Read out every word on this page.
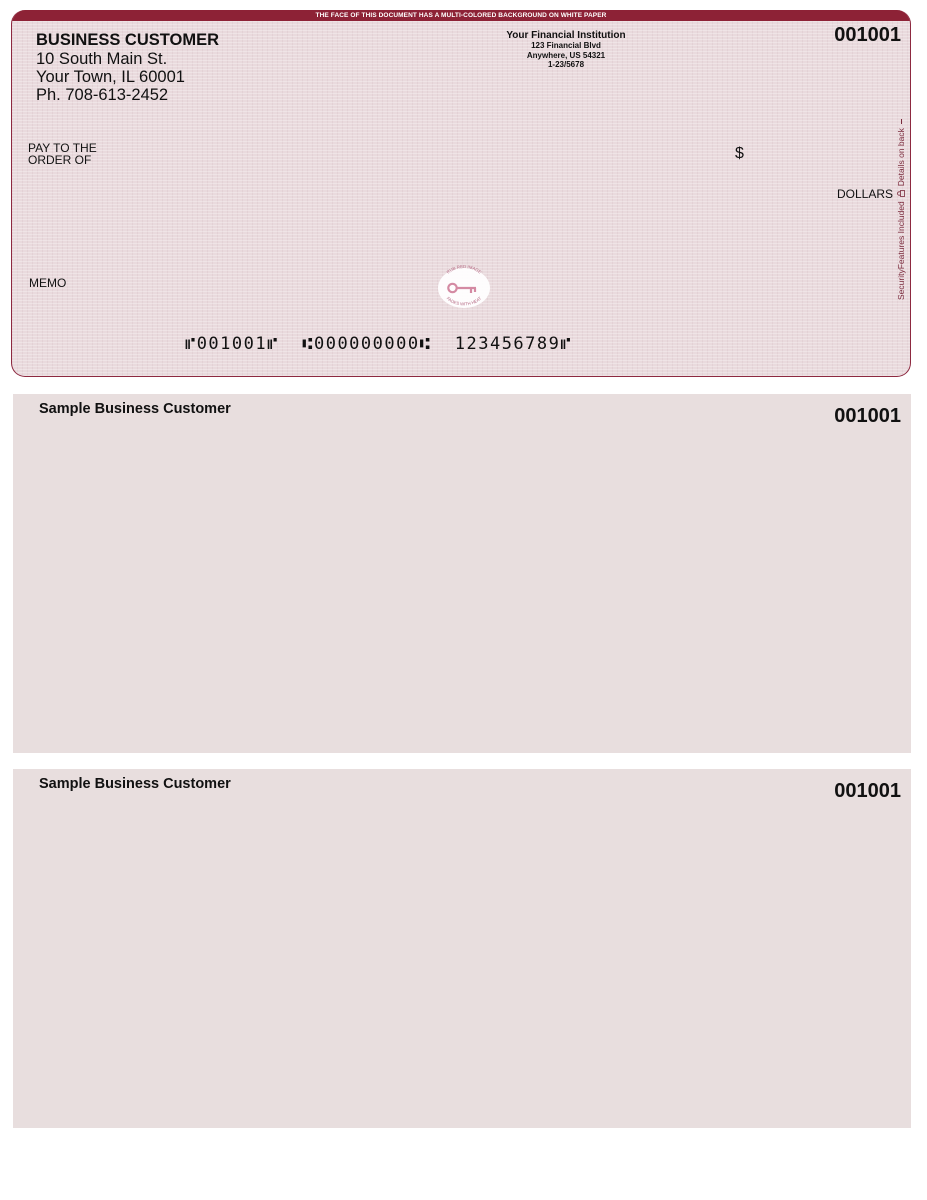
THE FACE OF THIS DOCUMENT HAS A MULTI-COLORED BACKGROUND ON WHITE PAPER
BUSINESS CUSTOMER
10 South Main St.
Your Town, IL 60001
Ph. 708-613-2452
Your Financial Institution
123 Financial Blvd
Anywhere, US 54321
1-23/5678
001001
PAY TO THE
ORDER OF	$
DOLLARS
MEMO
RUB RED IMAGE
FADES WITH HEAT
⑈001001⑈  ⑆000000000⑆  123456789⑈
SecurityFeatures Included
Details on back
Sample Business Customer	001001
Sample Business Customer	001001
